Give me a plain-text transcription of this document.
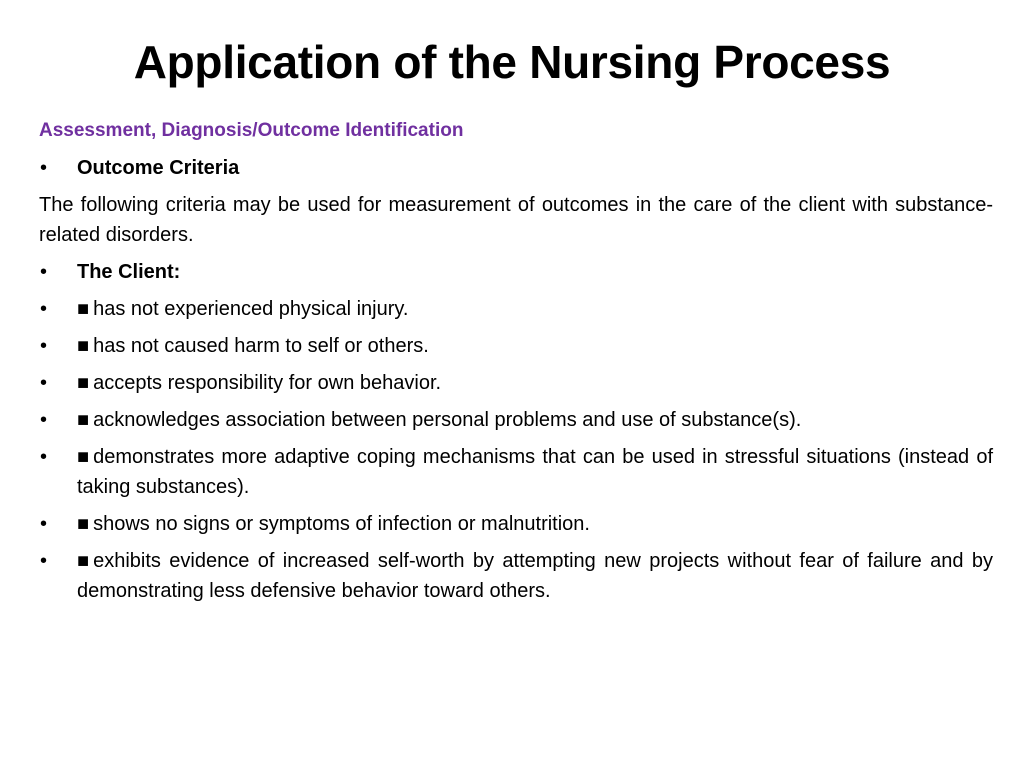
Application of the Nursing Process
Assessment, Diagnosis/Outcome Identification
•	Outcome Criteria
The following criteria may be used for measurement of outcomes in the care of the client with substance-related disorders.
•	The Client:
•	■has not experienced physical injury.
•	■has not caused harm to self or others.
•	■accepts responsibility for own behavior.
•	■acknowledges association between personal problems and use of substance(s).
•	■demonstrates more adaptive coping mechanisms that can be used in stressful situations (instead of taking substances).
•	■shows no signs or symptoms of infection or malnutrition.
•	■exhibits evidence of increased self-worth by attempting new projects without fear of failure and by demonstrating less defensive behavior toward others.
